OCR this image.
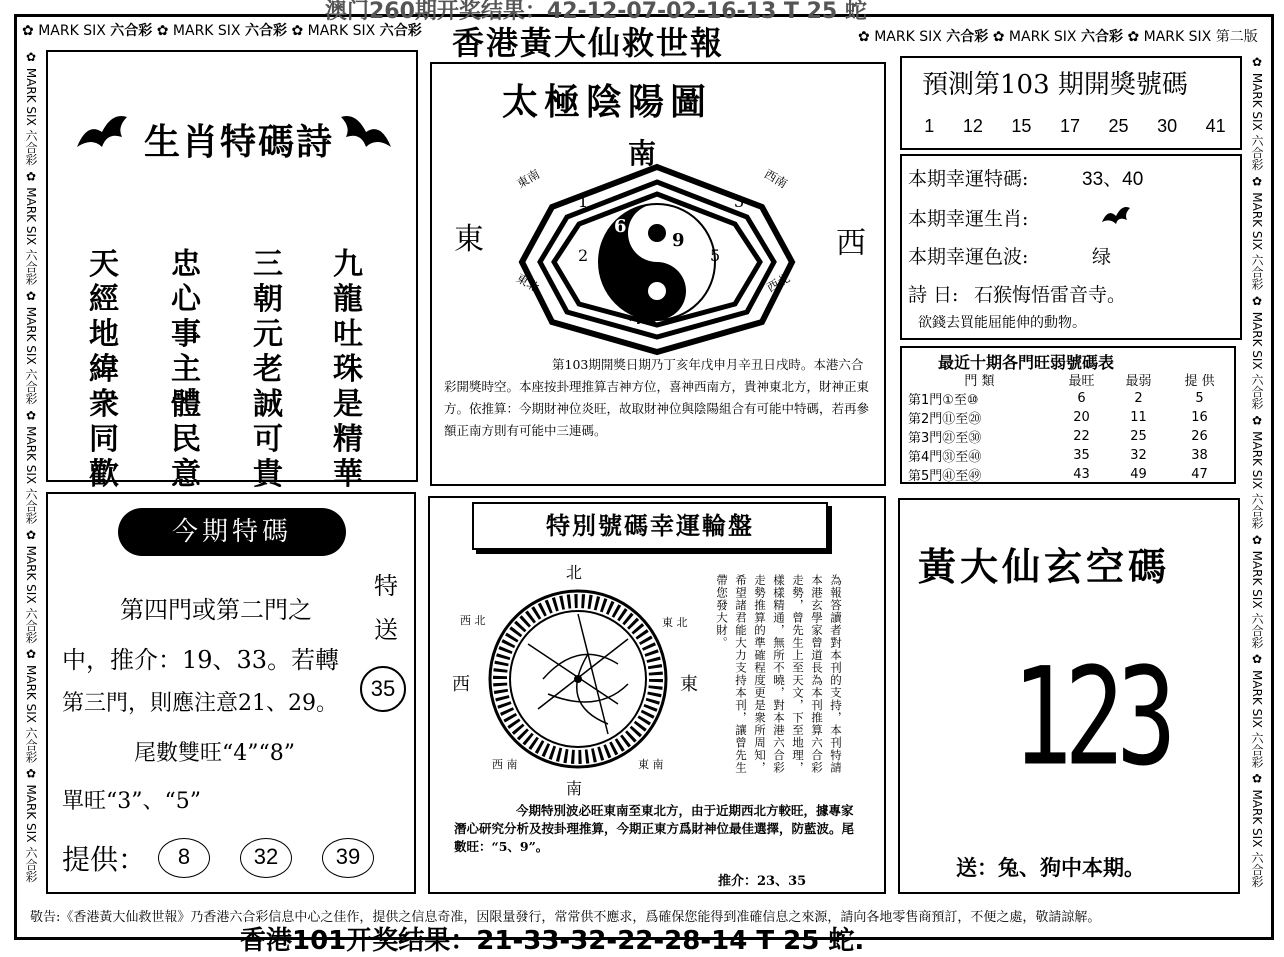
澳门260期开奖结果：42-12-07-02-16-13 T 25 蛇
✿ MARK SIX 六合彩 ✿ MARK SIX 六合彩 ✿ MARK SIX 六合彩 香港黃大仙救世報	✿ MARK SIX 六合彩 ✿ MARK SIX 六合彩 ✿ MARK SIX 第二版
✿ MARK SIX 六合彩 ✿ MARK SIX 六合彩 ✿ MARK SIX 六合彩 ✿ MARK SIX 六合彩 ✿ MARK SIX 六合彩 ✿ MARK SIX 六合彩 ✿ MARK SIX 六合彩
✿ MARK SIX 六合彩 ✿ MARK SIX 六合彩 ✿ MARK SIX 六合彩 ✿ MARK SIX 六合彩 ✿ MARK SIX 六合彩 ✿ MARK SIX 六合彩 ✿ MARK SIX 六合彩
生肖特碼詩
九
龍
吐
珠
是
精
華
三
朝
元
老
誠
可
貴
忠
心
事
主
體
民
意
天
經
地
緯
衆
同
歡
太極陰陽圖
南
北
東	西
東南	西南
東北	西北
1	3
6
9
2	5
第103期開獎日期乃丁亥年戊申月辛丑日戌時。本港六合彩開獎時空。本座按卦理推算吉神方位，喜神西南方，貴神東北方，財神正東方。依推算：今期財神位炎旺，故取財神位與陰陽組合有可能中特碼，若再參額正南方則有可能中三連碼。
預測第103 期開獎號碼
1 12 15 17 25 30 41
本期幸運特碼:	33、40
本期幸運生肖:
本期幸運色波:	绿
詩 日: 石猴悔悟雷音寺。
欲錢去買能屈能伸的動物。
最近十期各門旺弱號碼表
門 類	最旺	最弱	提 供
第1門①至⑩	6	2	5
第2門⑪至⑳	20	11	16
第3門㉑至㉚	22	25	26
第4門㉛至㊵	35	32	38
第5門㊶至㊾	43	49	47
今期特碼
第四門或第二門之
中，推介：19、33。若轉
第三門，則應注意21、29。
尾數雙旺“4”“8”
單旺“3”、“5”
特送
35
提供：	8	32	39
特別號碼幸運輪盤
北
南
西	東
西 北	東 北
西 南	東 南	為報答讀者對本刊的支持，本刊特請本港玄學家曾道長為本刊推算六合彩走勢，曾先生上至天文，下至地理，樣樣精通，無所不曉，對本港六合彩走勢推算的準確程度更是衆所周知，希望諸君能大力支持本刊，讓曾先生帶您發大財。
今期特別波必旺東南至東北方，由于近期西北方較旺，據專家潛心研究分析及按卦理推算，今期正東方爲財神位最佳選擇，防藍波。尾數旺：“5、9”。
推介：23、35
黃大仙玄空碼
123
送：兔、狗中本期。
敬告:《香港黃大仙救世報》乃香港六合彩信息中心之佳作，提供之信息奇准，因限量發行，常常供不應求，爲確保您能得到准確信息之來源，請向各地零售商預訂，不便之處，敬請諒解。
香港101开奖结果：21-33-32-22-28-14 T 25 蛇.
